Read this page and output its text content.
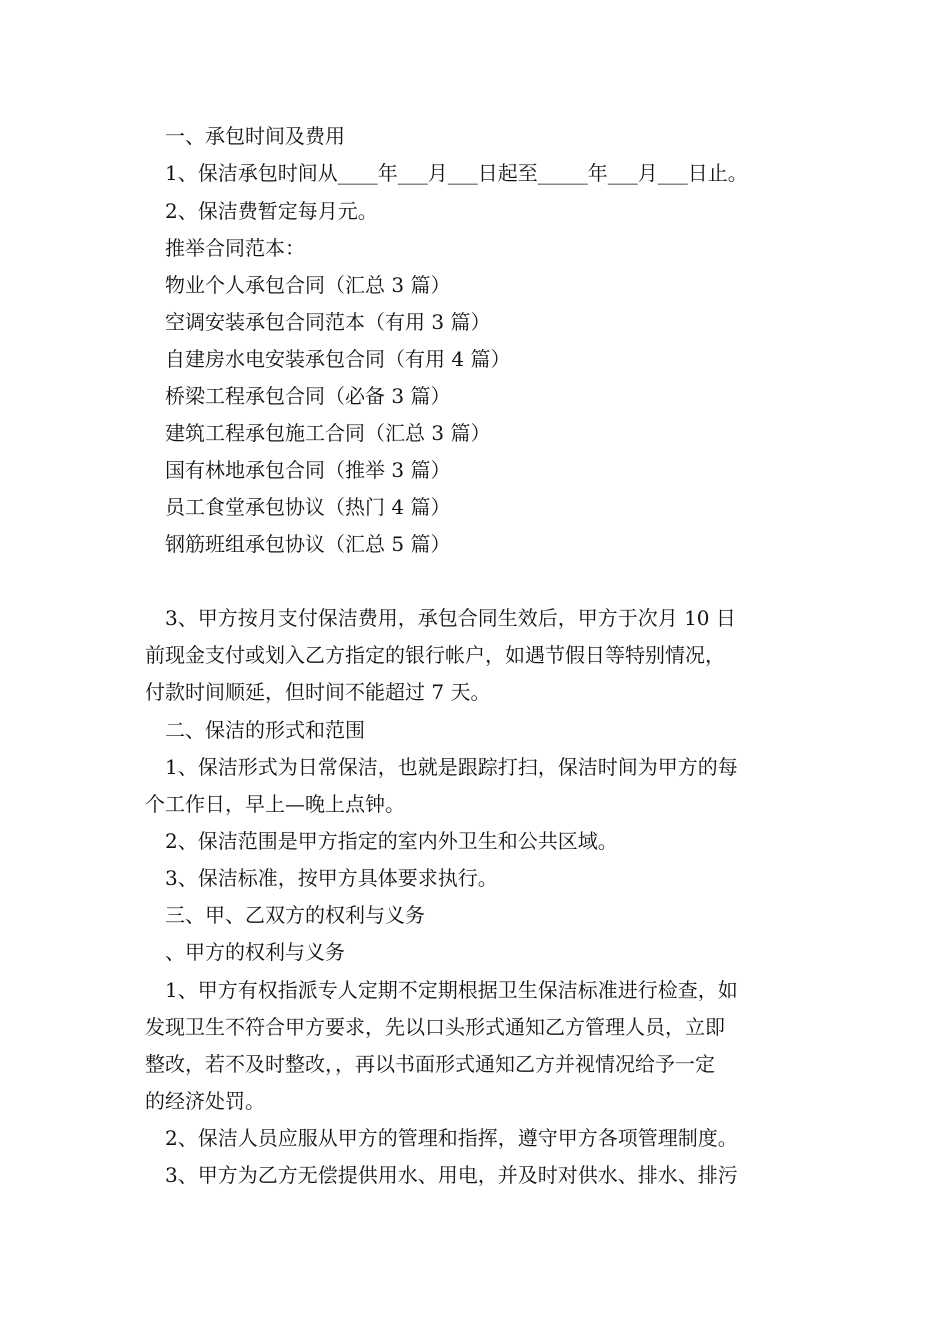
一、承包时间及费用
1、保洁承包时间从____年___月___日起至_____年___月___日止。
2、保洁费暂定每月元。
推举合同范本：
物业个人承包合同（汇总 3 篇）
空调安装承包合同范本（有用 3 篇）
自建房水电安装承包合同（有用 4 篇）
桥梁工程承包合同（必备 3 篇）
建筑工程承包施工合同（汇总 3 篇）
国有林地承包合同（推举 3 篇）
员工食堂承包协议（热门 4 篇）
钢筋班组承包协议（汇总 5 篇）
3、甲方按月支付保洁费用，承包合同生效后，甲方于次月 10 日
前现金支付或划入乙方指定的银行帐户，如遇节假日等特别情况，
付款时间顺延，但时间不能超过 7 天。
二、保洁的形式和范围
1、保洁形式为日常保洁，也就是跟踪打扫，保洁时间为甲方的每
个工作日，早上—晚上点钟。
2、保洁范围是甲方指定的室内外卫生和公共区域。
3、保洁标准，按甲方具体要求执行。
三、甲、乙双方的权利与义务
、甲方的权利与义务
1、甲方有权指派专人定期不定期根据卫生保洁标准进行检查，如
发现卫生不符合甲方要求，先以口头形式通知乙方管理人员，立即
整改，若不及时整改，，再以书面形式通知乙方并视情况给予一定
的经济处罚。
2、保洁人员应服从甲方的管理和指挥，遵守甲方各项管理制度。
3、甲方为乙方无偿提供用水、用电，并及时对供水、排水、排污
